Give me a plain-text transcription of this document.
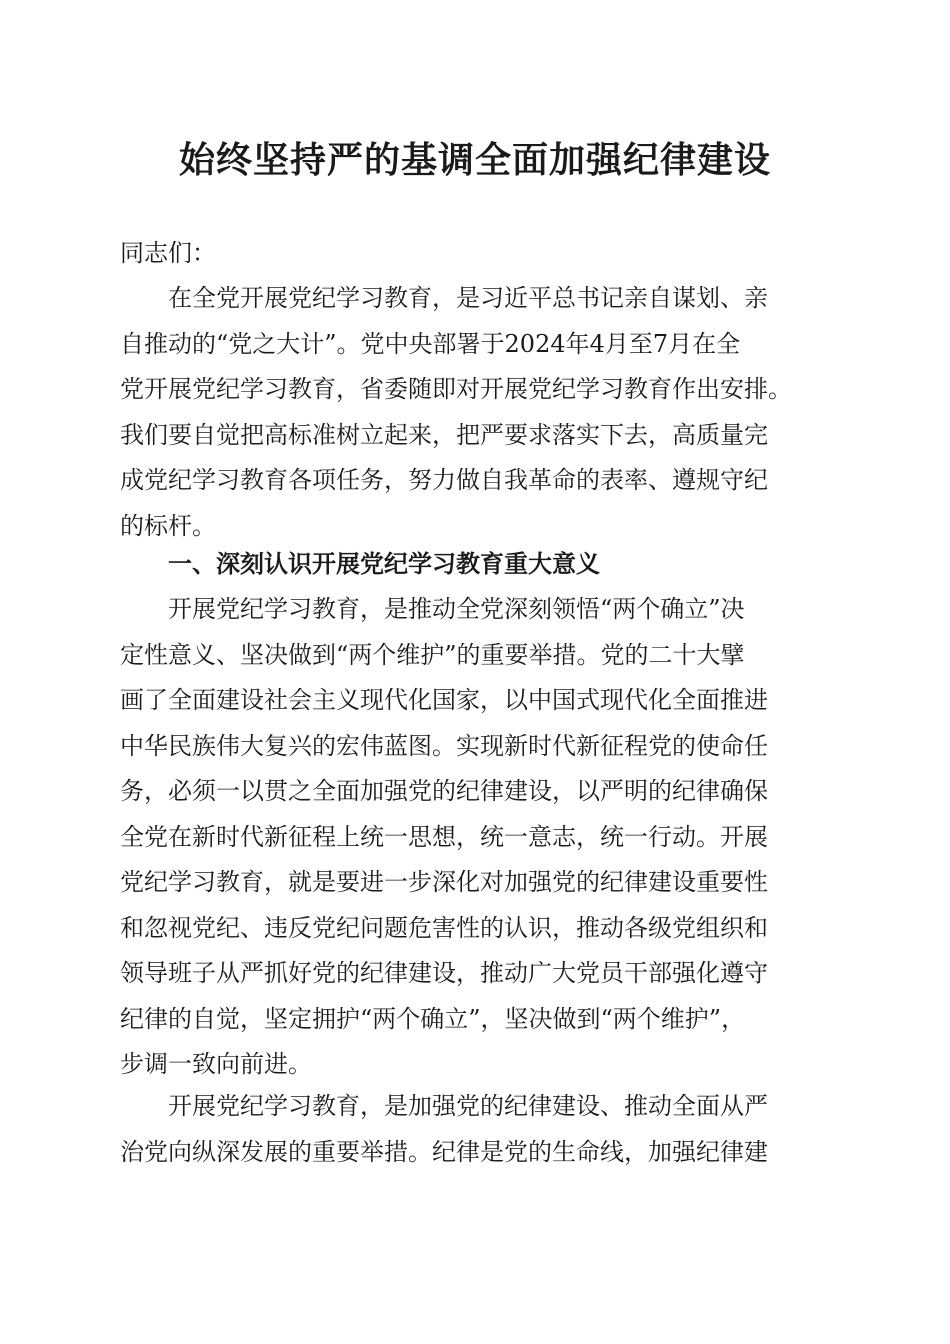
始终坚持严的基调全面加强纪律建设
同志们：
在全党开展党纪学习教育，是习近平总书记亲自谋划、亲
自推动的“党之大计”。党中央部署于2024年4月至7月在全
党开展党纪学习教育，省委随即对开展党纪学习教育作出安排。
我们要自觉把高标准树立起来，把严要求落实下去，高质量完
成党纪学习教育各项任务，努力做自我革命的表率、遵规守纪
的标杆。
一、深刻认识开展党纪学习教育重大意义
开展党纪学习教育，是推动全党深刻领悟“两个确立”决
定性意义、坚决做到“两个维护”的重要举措。党的二十大擘
画了全面建设社会主义现代化国家，以中国式现代化全面推进
中华民族伟大复兴的宏伟蓝图。实现新时代新征程党的使命任
务，必须一以贯之全面加强党的纪律建设，以严明的纪律确保
全党在新时代新征程上统一思想，统一意志，统一行动。开展
党纪学习教育，就是要进一步深化对加强党的纪律建设重要性
和忽视党纪、违反党纪问题危害性的认识，推动各级党组织和
领导班子从严抓好党的纪律建设，推动广大党员干部强化遵守
纪律的自觉，坚定拥护“两个确立”，坚决做到“两个维护”，
步调一致向前进。
开展党纪学习教育，是加强党的纪律建设、推动全面从严
治党向纵深发展的重要举措。纪律是党的生命线，加强纪律建
